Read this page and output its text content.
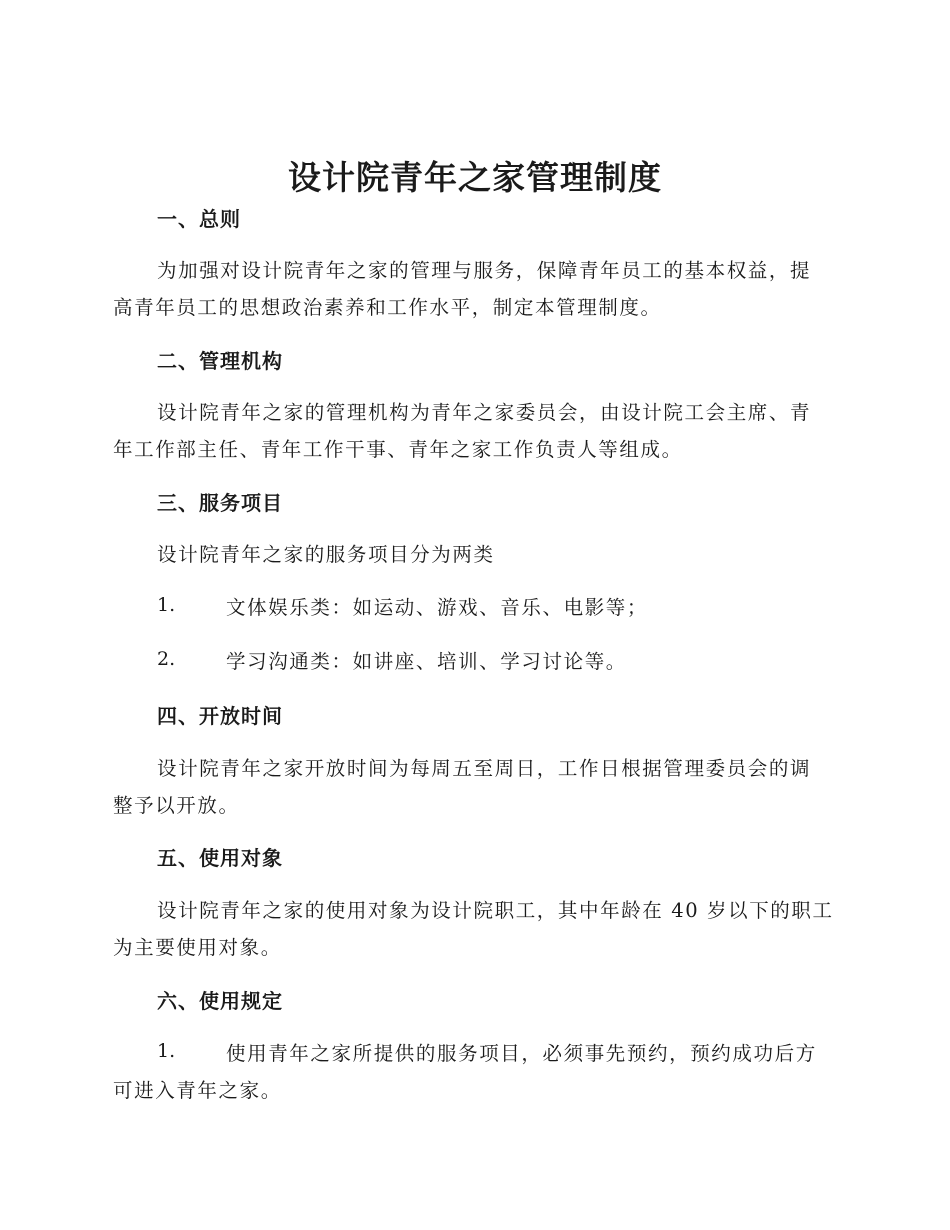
设计院青年之家管理制度
一、总则
为加强对设计院青年之家的管理与服务，保障青年员工的基本权益，提
高青年员工的思想政治素养和工作水平，制定本管理制度。
二、管理机构
设计院青年之家的管理机构为青年之家委员会，由设计院工会主席、青
年工作部主任、青年工作干事、青年之家工作负责人等组成。
三、服务项目
设计院青年之家的服务项目分为两类
1.	文体娱乐类：如运动、游戏、音乐、电影等；
2.	学习沟通类：如讲座、培训、学习讨论等。
四、开放时间
设计院青年之家开放时间为每周五至周日，工作日根据管理委员会的调
整予以开放。
五、使用对象
设计院青年之家的使用对象为设计院职工，其中年龄在 40 岁以下的职工
为主要使用对象。
六、使用规定
1.	使用青年之家所提供的服务项目，必须事先预约，预约成功后方
可进入青年之家。
